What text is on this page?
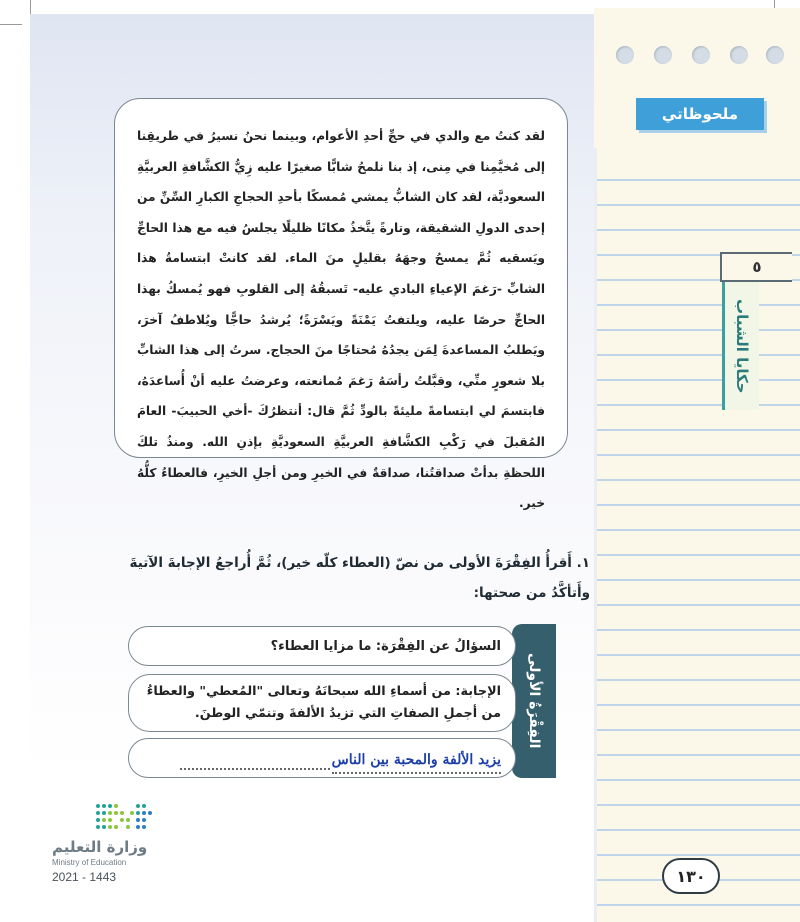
ملحوظاتي
٥
حكايا الشباب
١٣٠

لقد كنتُ مع والدي في حجِّ أحدِ الأعوام، وبينما نحنُ نسيرُ في طريقِنا إلى مُخيَّمِنا في مِنى، إذ بنا نلمحُ شابًّا صغيرًا عليه زِيُّ الكشَّافةِ العربيَّةِ السعوديَّة، لقد كان الشابُّ يمشي مُمسكًا بأحدِ الحجاجِ الكبارِ السِّنِّ من إحدى الدولِ الشقيقة، وتارةً يتَّخذُ مكانًا ظليلًا يجلسُ فيه مع هذا الحاجِّ ويَسقيه ثُمَّ يمسحُ وجهَهُ بقليلٍ منَ الماء. لقد كانتْ ابتسامةُ هذا الشابِّ -رَغمَ الإعياءِ البادي عليه- تَسبقُهُ إلى القلوبِ فهو يُمسكُ بهذا الحاجِّ حرصًا عليه، ويلتفتُ يَمْنَةً ويَسْرَةً؛ يُرشدُ حاجًّا ويُلاطفُ آخرَ، ويَطلبُ المساعدةَ لِمَن يجدُهُ مُحتاجًا منَ الحجاج. سرتُ إلى هذا الشابِّ بلا شعورٍ منِّي، وقبَّلتُ رأسَهُ رَغمَ مُمانعته، وعرضتُ عليه أنْ أُساعدَهُ، فابتسمَ لي ابتسامةً مليئةً بالودِّ ثُمَّ قال: أنتظرُكَ -أخي الحبيبَ- العامَ المُقبلَ في رَكْبِ الكشَّافةِ العربيَّةِ السعوديَّةِ بإذنِ الله. ومنذُ تلكَ اللحظةِ بدأتْ صداقتُنا، صداقةٌ في الخيرِ ومن أجلِ الخيرِ، فالعطاءُ كلُّهُ خير.

١. أَقرأُ الفِقْرَةَ الأولى من نصّ (العطاء كلّه خير)، ثُمَّ أُراجعُ الإجابةَ الآتيةَ وأَتأكَّدُ من صحتها:
الفِقْرَةُ الأولى
السؤالُ عن الفِقْرَة: ما مزايا العطاء؟
الإجابة: من أسماءِ الله سبحانَهُ وتعالى "المُعطي" والعطاءُ من أجملِ الصفاتِ التي تزيدُ الألفةَ وتنمّي الوطنَ.
يزيد الألفة والمحبة بين الناس
وزارة التعليم
Ministry of Education
2021 - 1443
